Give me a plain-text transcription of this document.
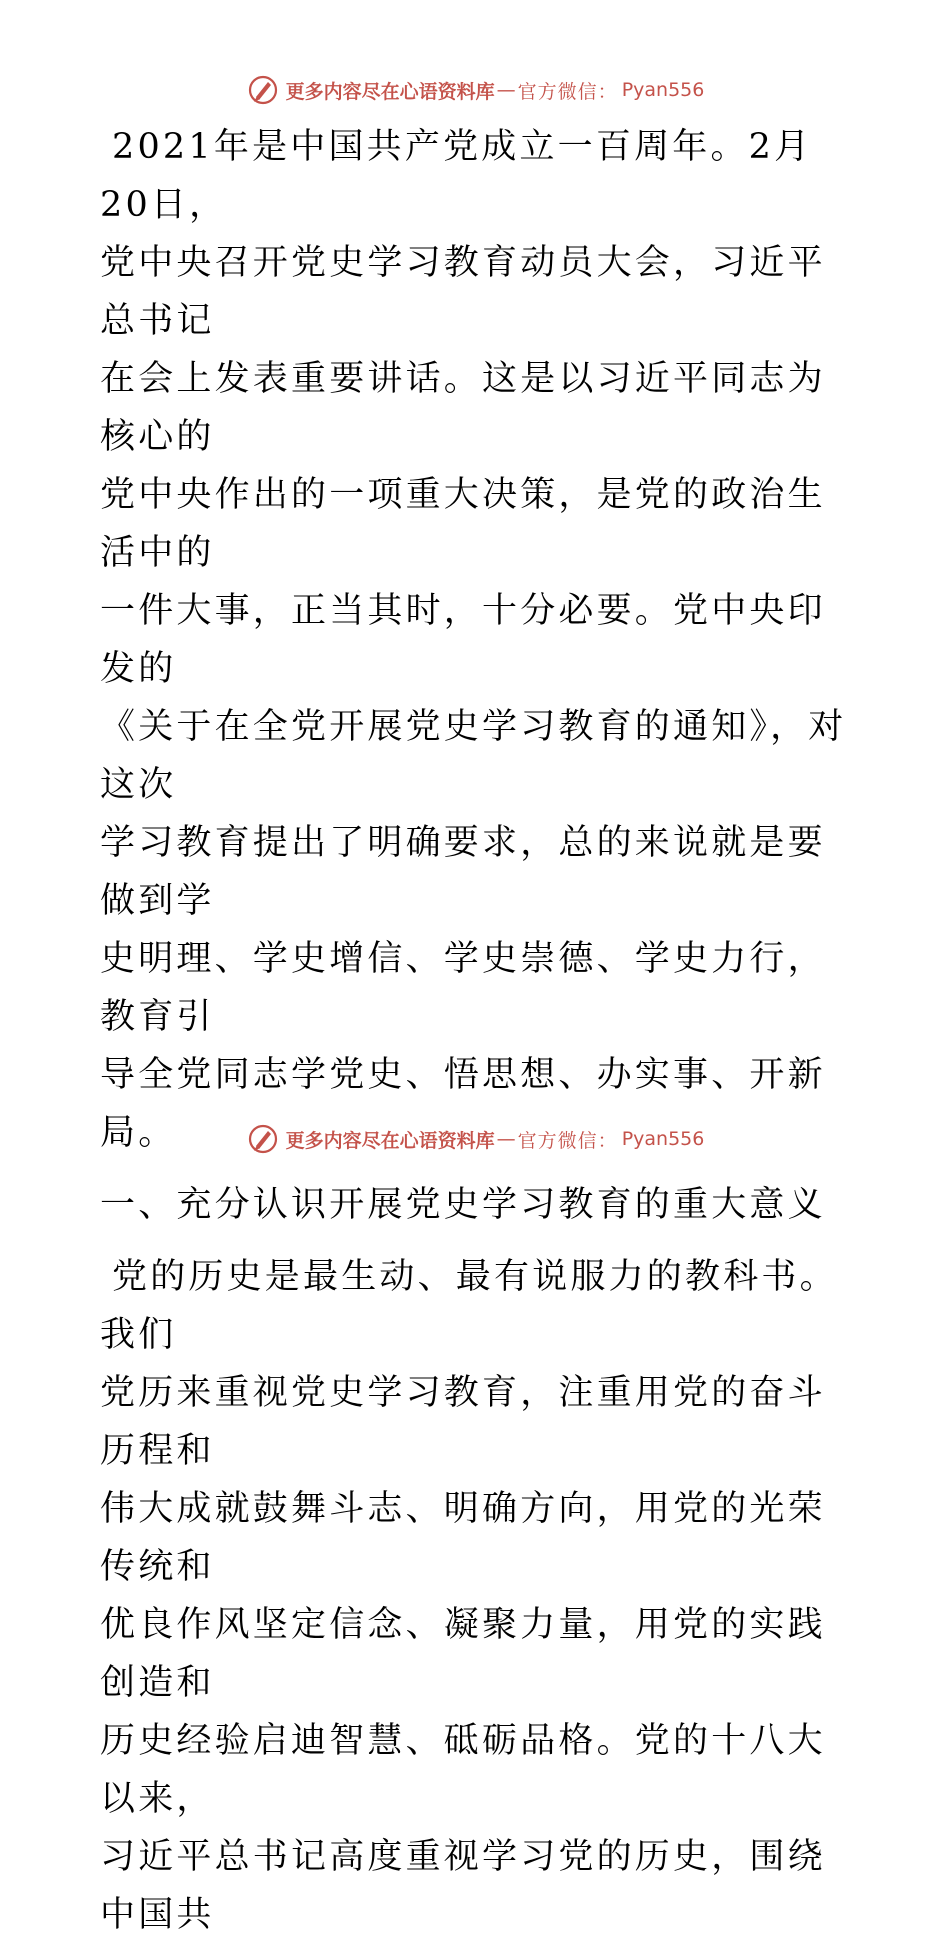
更多内容尽在心语资料库 — 官方微信： Pyan556
2021年是中国共产党成立一百周年。2月20日，
党中央召开党史学习教育动员大会，习近平总书记
在会上发表重要讲话。这是以习近平同志为核心的
党中央作出的一项重大决策，是党的政治生活中的
一件大事，正当其时，十分必要。党中央印发的
《关于在全党开展党史学习教育的通知》，对这次
学习教育提出了明确要求，总的来说就是要做到学
史明理、学史增信、学史崇德、学史力行，教育引
导全党同志学党史、悟思想、办实事、开新局。
一、充分认识开展党史学习教育的重大意义
党的历史是最生动、最有说服力的教科书。我们
党历来重视党史学习教育，注重用党的奋斗历程和
伟大成就鼓舞斗志、明确方向，用党的光荣传统和
优良作风坚定信念、凝聚力量，用党的实践创造和
历史经验启迪智慧、砥砺品格。党的十八大以来，
习近平总书记高度重视学习党的历史，围绕中国共
更多内容尽在心语资料库 — 官方微信： Pyan556
